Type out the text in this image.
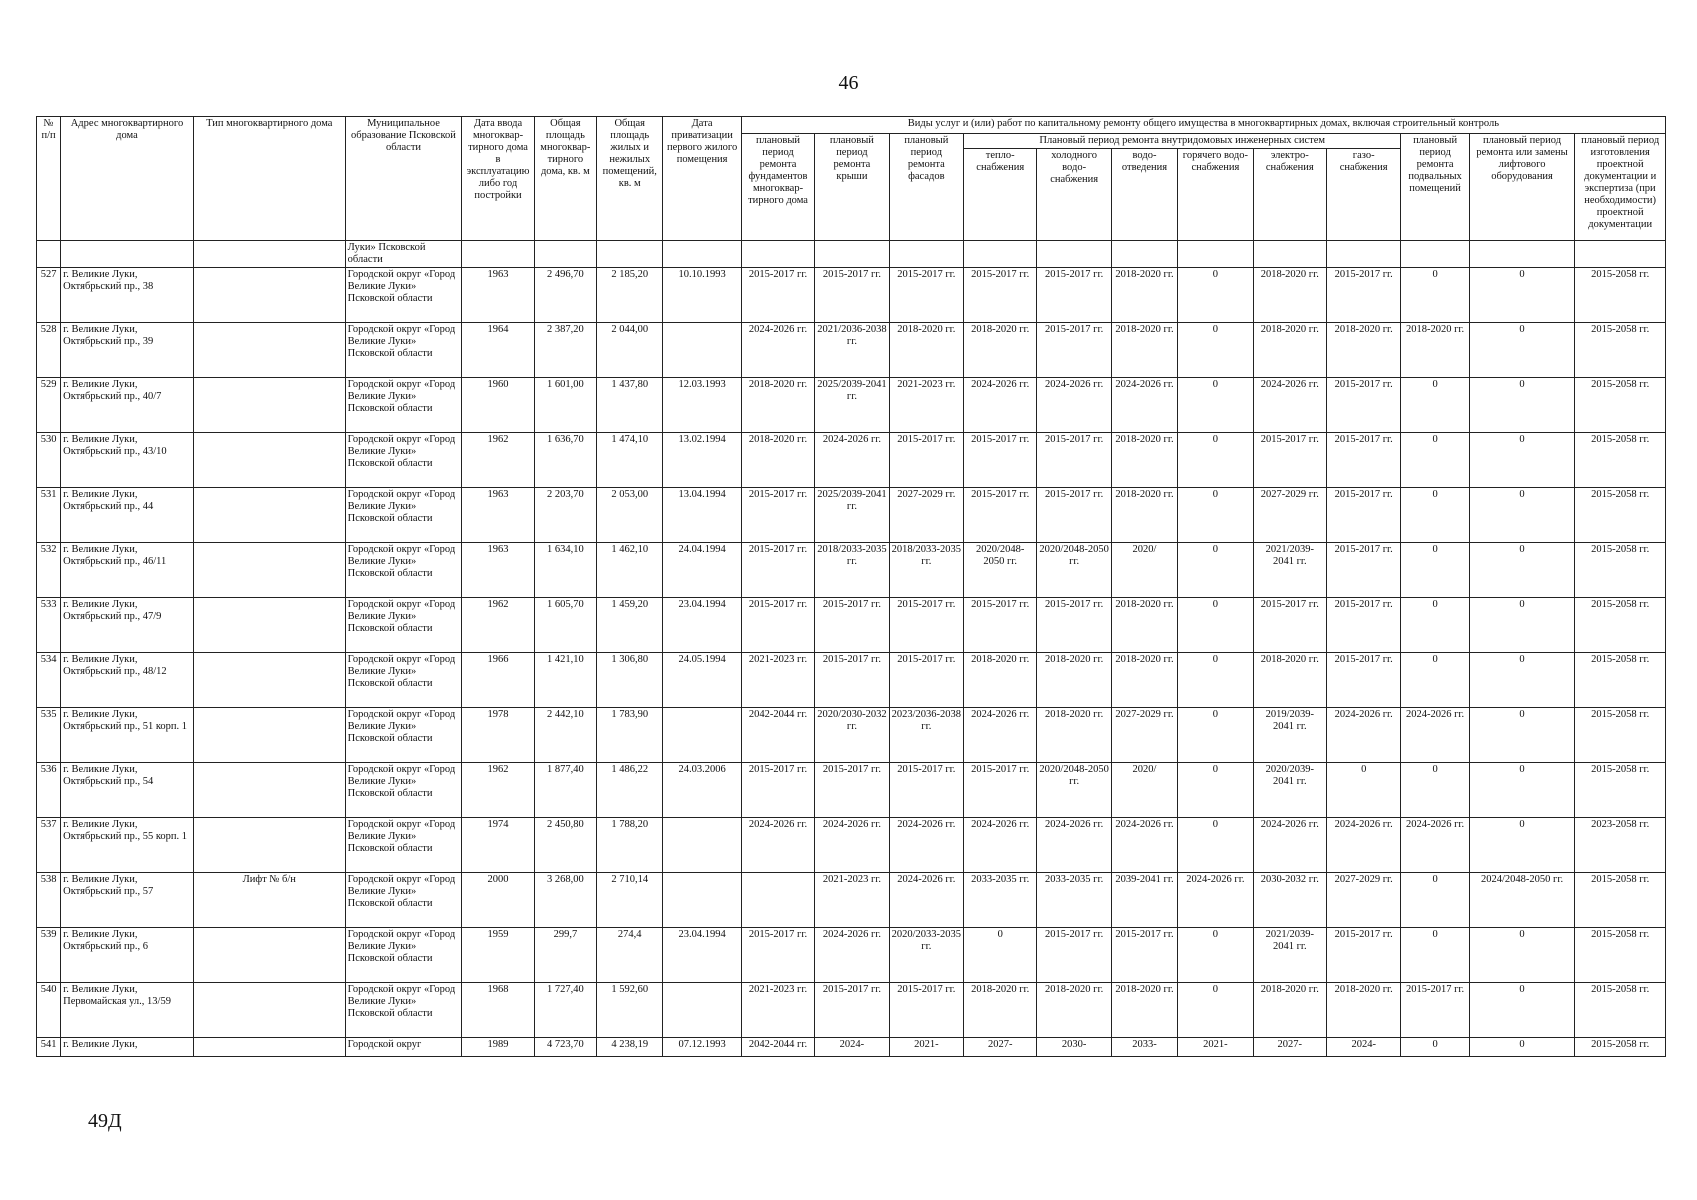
46
№ п/п	Адрес многоквартирного дома	Тип многоквартирного дома	Муниципальное образование Псковской области	Дата ввода многоквар-тирного дома в эксплуатацию либо год постройки	Общая площадь многоквар-тирного дома, кв. м	Общая площадь жилых и нежилых помещений, кв. м	Дата приватизации первого жилого помещения	Виды услуг и (или) работ по капитальному ремонту общего имущества в многоквартирных домах, включая строительный контроль											
								плановый период ремонта фундаментов многоквар-тирного дома	плановый период ремонта крыши	плановый период ремонта фасадов	Плановый период ремонта внутридомовых инженерных систем						плановый период ремонта подвальных помещений	плановый период ремонта или замены лифтового оборудования	плановый период изготовления проектной документации и экспертиза (при необходимости) проектной документации
											тепло-снабжения	холодного водо-снабжения	водо-отведения	горячего водо-снабжения	электро-снабжения	газо-снабжения			
			Луки» Псковской области																
527	г. Великие Луки, Октябрьский пр., 38		Городской округ «Город Великие Луки» Псковской области	1963	2 496,70	2 185,20	10.10.1993	2015-2017 гг.	2015-2017 гг.	2015-2017 гг.	2015-2017 гг.	2015-2017 гг.	2018-2020 гг.	0	2018-2020 гг.	2015-2017 гг.	0	0	2015-2058 гг.
528	г. Великие Луки, Октябрьский пр., 39		Городской округ «Город Великие Луки» Псковской области	1964	2 387,20	2 044,00		2024-2026 гг.	2021/2036-2038 гг.	2018-2020 гг.	2018-2020 гг.	2015-2017 гг.	2018-2020 гг.	0	2018-2020 гг.	2018-2020 гг.	2018-2020 гг.	0	2015-2058 гг.
529	г. Великие Луки, Октябрьский пр., 40/7		Городской округ «Город Великие Луки» Псковской области	1960	1 601,00	1 437,80	12.03.1993	2018-2020 гг.	2025/2039-2041 гг.	2021-2023 гг.	2024-2026 гг.	2024-2026 гг.	2024-2026 гг.	0	2024-2026 гг.	2015-2017 гг.	0	0	2015-2058 гг.
530	г. Великие Луки, Октябрьский пр., 43/10		Городской округ «Город Великие Луки» Псковской области	1962	1 636,70	1 474,10	13.02.1994	2018-2020 гг.	2024-2026 гг.	2015-2017 гг.	2015-2017 гг.	2015-2017 гг.	2018-2020 гг.	0	2015-2017 гг.	2015-2017 гг.	0	0	2015-2058 гг.
531	г. Великие Луки, Октябрьский пр., 44		Городской округ «Город Великие Луки» Псковской области	1963	2 203,70	2 053,00	13.04.1994	2015-2017 гг.	2025/2039-2041 гг.	2027-2029 гг.	2015-2017 гг.	2015-2017 гг.	2018-2020 гг.	0	2027-2029 гг.	2015-2017 гг.	0	0	2015-2058 гг.
532	г. Великие Луки, Октябрьский пр., 46/11		Городской округ «Город Великие Луки» Псковской области	1963	1 634,10	1 462,10	24.04.1994	2015-2017 гг.	2018/2033-2035 гг.	2018/2033-2035 гг.	2020/2048-2050 гг.	2020/2048-2050 гг.	2020/	0	2021/2039-2041 гг.	2015-2017 гг.	0	0	2015-2058 гг.
533	г. Великие Луки, Октябрьский пр., 47/9		Городской округ «Город Великие Луки» Псковской области	1962	1 605,70	1 459,20	23.04.1994	2015-2017 гг.	2015-2017 гг.	2015-2017 гг.	2015-2017 гг.	2015-2017 гг.	2018-2020 гг.	0	2015-2017 гг.	2015-2017 гг.	0	0	2015-2058 гг.
534	г. Великие Луки, Октябрьский пр., 48/12		Городской округ «Город Великие Луки» Псковской области	1966	1 421,10	1 306,80	24.05.1994	2021-2023 гг.	2015-2017 гг.	2015-2017 гг.	2018-2020 гг.	2018-2020 гг.	2018-2020 гг.	0	2018-2020 гг.	2015-2017 гг.	0	0	2015-2058 гг.
535	г. Великие Луки, Октябрьский пр., 51 корп. 1		Городской округ «Город Великие Луки» Псковской области	1978	2 442,10	1 783,90		2042-2044 гг.	2020/2030-2032 гг.	2023/2036-2038 гг.	2024-2026 гг.	2018-2020 гг.	2027-2029 гг.	0	2019/2039-2041 гг.	2024-2026 гг.	2024-2026 гг.	0	2015-2058 гг.
536	г. Великие Луки, Октябрьский пр., 54		Городской округ «Город Великие Луки» Псковской области	1962	1 877,40	1 486,22	24.03.2006	2015-2017 гг.	2015-2017 гг.	2015-2017 гг.	2015-2017 гг.	2020/2048-2050 гг.	2020/	0	2020/2039-2041 гг.	0	0	0	2015-2058 гг.
537	г. Великие Луки, Октябрьский пр., 55 корп. 1		Городской округ «Город Великие Луки» Псковской области	1974	2 450,80	1 788,20		2024-2026 гг.	2024-2026 гг.	2024-2026 гг.	2024-2026 гг.	2024-2026 гг.	2024-2026 гг.	0	2024-2026 гг.	2024-2026 гг.	2024-2026 гг.	0	2023-2058 гг.
538	г. Великие Луки, Октябрьский пр., 57	Лифт № б/н	Городской округ «Город Великие Луки» Псковской области	2000	3 268,00	2 710,14			2021-2023 гг.	2024-2026 гг.	2033-2035 гг.	2033-2035 гг.	2039-2041 гг.	2024-2026 гг.	2030-2032 гг.	2027-2029 гг.	0	2024/2048-2050 гг.	2015-2058 гг.
539	г. Великие Луки, Октябрьский пр., 6		Городской округ «Город Великие Луки» Псковской области	1959	299,7	274,4	23.04.1994	2015-2017 гг.	2024-2026 гг.	2020/2033-2035 гг.	0	2015-2017 гг.	2015-2017 гг.	0	2021/2039-2041 гг.	2015-2017 гг.	0	0	2015-2058 гг.
540	г. Великие Луки, Первомайская ул., 13/59		Городской округ «Город Великие Луки» Псковской области	1968	1 727,40	1 592,60		2021-2023 гг.	2015-2017 гг.	2015-2017 гг.	2018-2020 гг.	2018-2020 гг.	2018-2020 гг.	0	2018-2020 гг.	2018-2020 гг.	2015-2017 гг.	0	2015-2058 гг.
541	г. Великие Луки,		Городской округ	1989	4 723,70	4 238,19	07.12.1993	2042-2044 гг.	2024-	2021-	2027-	2030-	2033-	2021-	2027-	2024-	0	0	2015-2058 гг.
49Д
